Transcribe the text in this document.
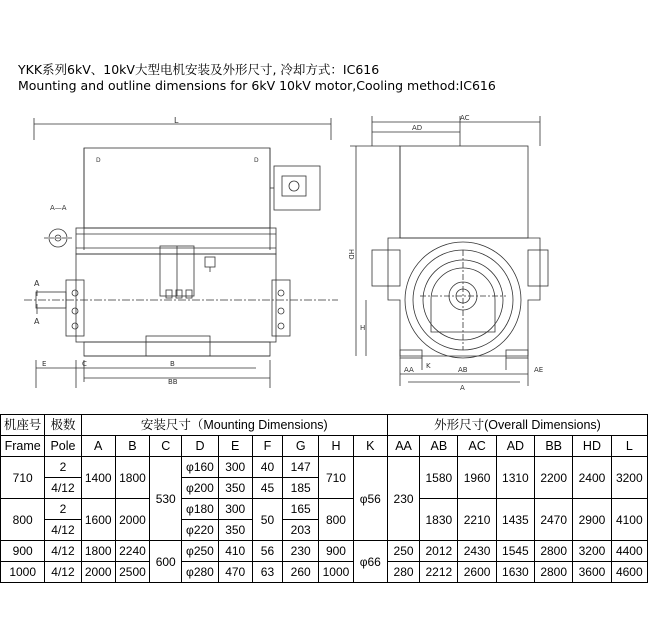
YKK系列6kV、10kV大型电机安装及外形尺寸, 冷却方式：IC616
Mounting and outline dimensions for 6kV 10kV motor,Cooling method:IC616
L
D	D
A—A
A
A
E	C	B
BB
AC
AD
HD
H
K
AA	AB	AE
A
机座号	极数	安装尺寸（Mounting Dimensions)									外形尺寸(Overall Dimensions)						
Frame	Pole	A	B	C	D	E	F	G	H	K	AA	AB	AC	AD	BB	HD	L
710	2	1400	1800	530	φ160	300	40	147	710	φ56	230	1580	1960	1310	2200	2400	3200
	4/12				φ200	350	45	185									
800	2	1600	2000		φ180	300	50	165	800			1830	2210	1435	2470	2900	4100
	4/12				φ220	350		203									
900	4/12	1800	2240	600	φ250	410	56	230	900	φ66	250	2012	2430	1545	2800	3200	4400
1000	4/12	2000	2500		φ280	470	63	260	1000		280	2212	2600	1630	2800	3600	4600
